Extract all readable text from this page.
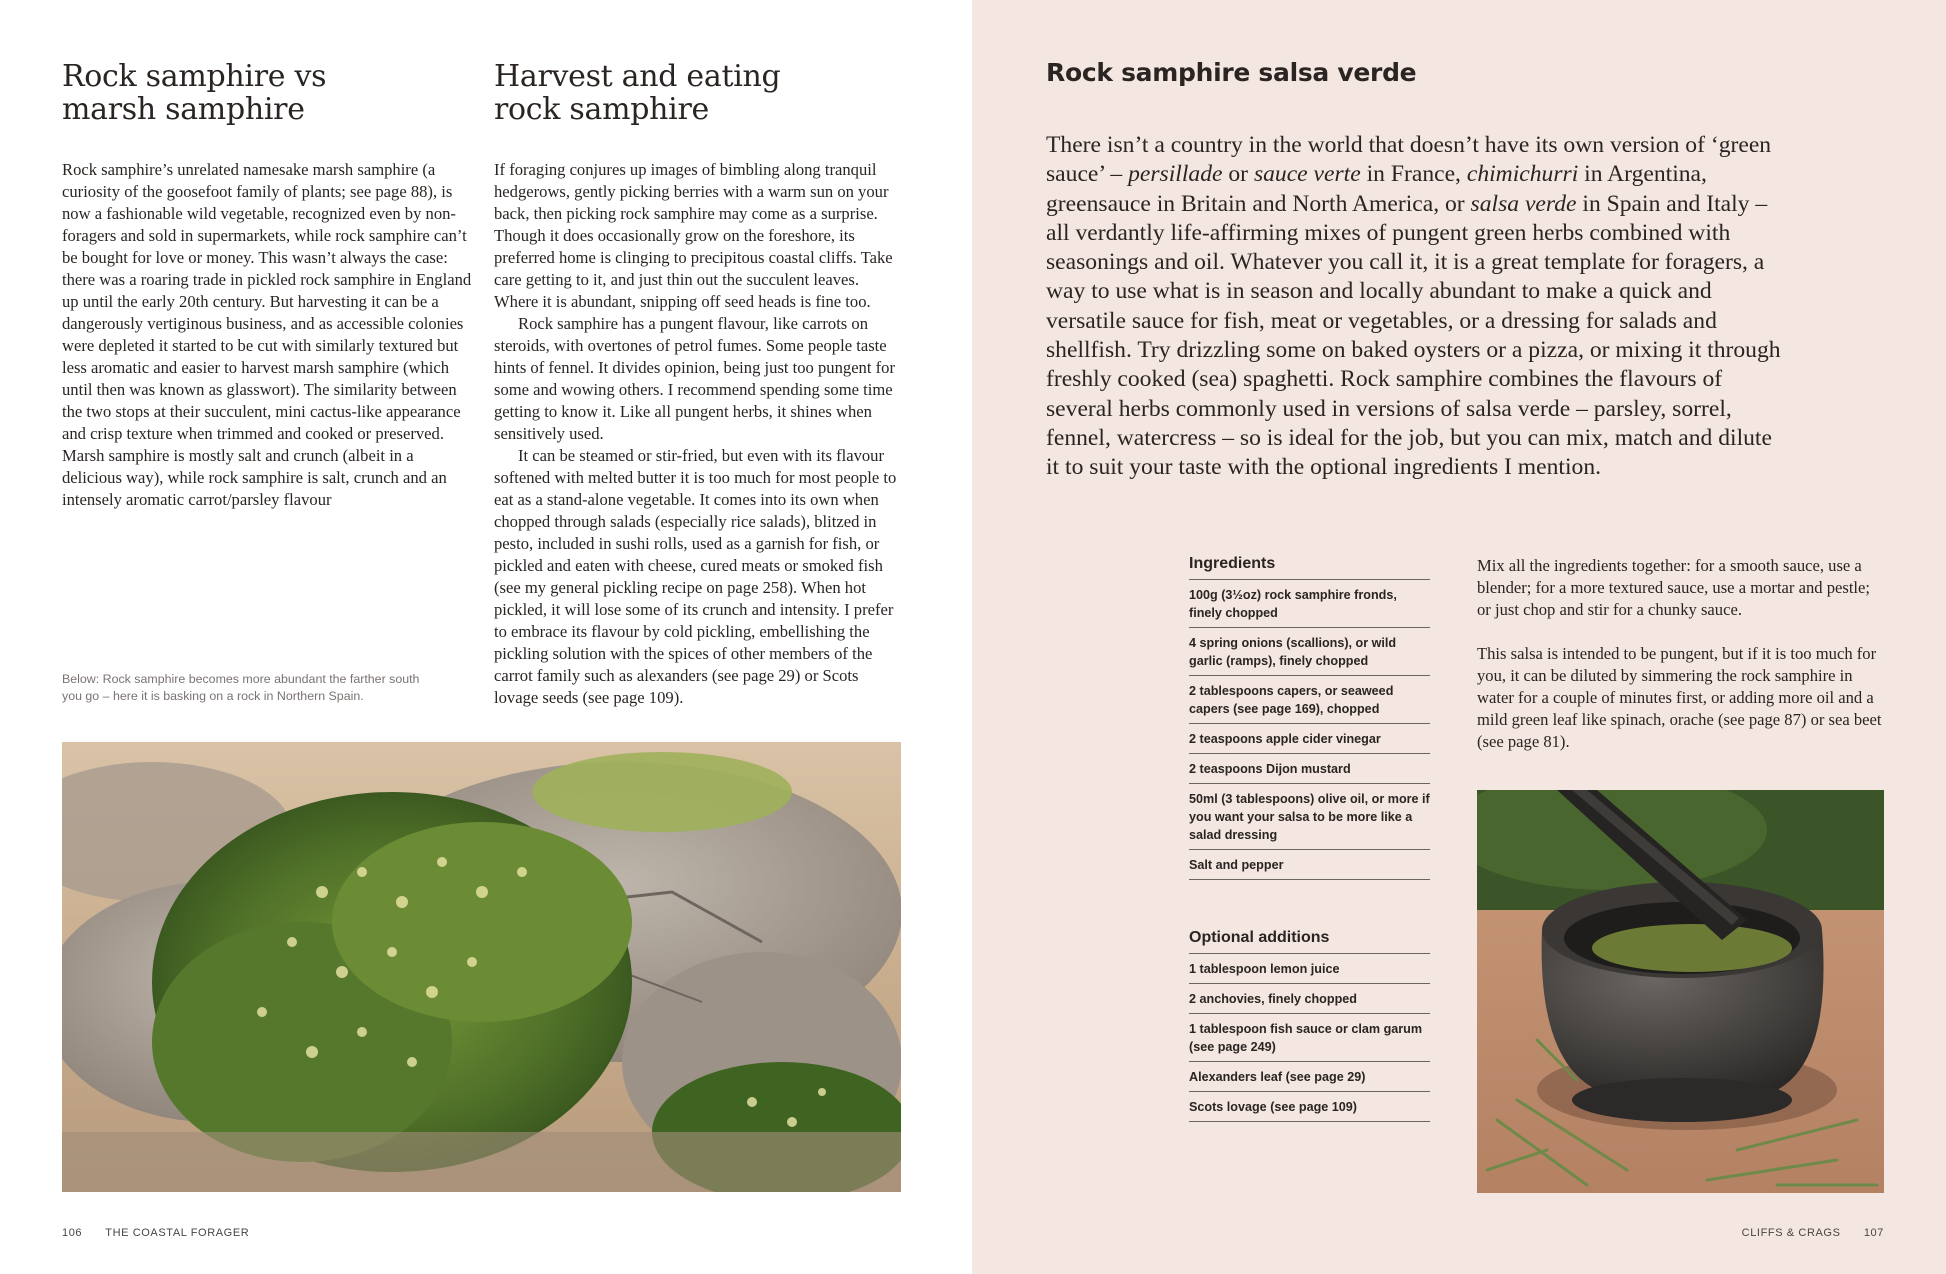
Rock samphire vs marsh samphire

Rock samphire’s unrelated namesake marsh samphire (a curiosity of the goosefoot family of plants; see page 88), is now a fashionable wild vegetable, recognized even by non-foragers and sold in supermarkets, while rock samphire can’t be bought for love or money. This wasn’t always the case: there was a roaring trade in pickled rock samphire in England up until the early 20th century. But harvesting it can be a dangerously vertiginous business, and as accessible colonies were depleted it started to be cut with similarly textured but less aromatic and easier to harvest marsh samphire (which until then was known as glasswort). The similarity between the two stops at their succulent, mini cactus-like appearance and crisp texture when trimmed and cooked or preserved. Marsh samphire is mostly salt and crunch (albeit in a delicious way), while rock samphire is salt, crunch and an intensely aromatic carrot/parsley flavour

Below: Rock samphire becomes more abundant the farther south you go – here it is basking on a rock in Northern Spain.
Harvest and eating rock samphire

If foraging conjures up images of bimbling along tranquil hedgerows, gently picking berries with a warm sun on your back, then picking rock samphire may come as a surprise. Though it does occasionally grow on the foreshore, its preferred home is clinging to precipitous coastal cliffs. Take care getting to it, and just thin out the succulent leaves. Where it is abundant, snipping off seed heads is fine too.

Rock samphire has a pungent flavour, like carrots on steroids, with overtones of petrol fumes. Some people taste hints of fennel. It divides opinion, being just too pungent for some and wowing others. I recommend spending some time getting to know it. Like all pungent herbs, it shines when sensitively used.

It can be steamed or stir-fried, but even with its flavour softened with melted butter it is too much for most people to eat as a stand-alone vegetable. It comes into its own when chopped through salads (especially rice salads), blitzed in pesto, included in sushi rolls, used as a garnish for fish, or pickled and eaten with cheese, cured meats or smoked fish (see my general pickling recipe on page 258). When hot pickled, it will lose some of its crunch and intensity. I prefer to embrace its flavour by cold pickling, embellishing the pickling solution with the spices of other members of the carrot family such as alexanders (see page 29) or Scots lovage seeds (see page 109).

106 THE COASTAL FORAGER
Rock samphire salsa verde
There isn’t a country in the world that doesn’t have its own version of ‘green sauce’ – persillade or sauce verte in France, chimichurri in Argentina, greensauce in Britain and North America, or salsa verde in Spain and Italy – all verdantly life-affirming mixes of pungent green herbs combined with seasonings and oil. Whatever you call it, it is a great template for foragers, a way to use what is in season and locally abundant to make a quick and versatile sauce for fish, meat or vegetables, or a dressing for salads and shellfish. Try drizzling some on baked oysters or a pizza, or mixing it through freshly cooked (sea) spaghetti. Rock samphire combines the flavours of several herbs commonly used in versions of salsa verde – parsley, sorrel, fennel, watercress – so is ideal for the job, but you can mix, match and dilute it to suit your taste with the optional ingredients I mention.
Ingredients
100g (3½oz) rock samphire fronds, finely chopped
4 spring onions (scallions), or wild garlic (ramps), finely chopped
2 tablespoons capers, or seaweed capers (see page 169), chopped
2 teaspoons apple cider vinegar
2 teaspoons Dijon mustard
50ml (3 tablespoons) olive oil, or more if you want your salsa to be more like a salad dressing
Salt and pepper
Optional additions
1 tablespoon lemon juice
2 anchovies, finely chopped
1 tablespoon fish sauce or clam garum (see page 249)
Alexanders leaf (see page 29)
Scots lovage (see page 109)

Mix all the ingredients together: for a smooth sauce, use a blender; for a more textured sauce, use a mortar and pestle; or just chop and stir for a chunky sauce.

This salsa is intended to be pungent, but if it is too much for you, it can be diluted by simmering the rock samphire in water for a couple of minutes first, or adding more oil and a mild green leaf like spinach, orache (see page 87) or sea beet (see page 81).

CLIFFS & CRAGS 107
